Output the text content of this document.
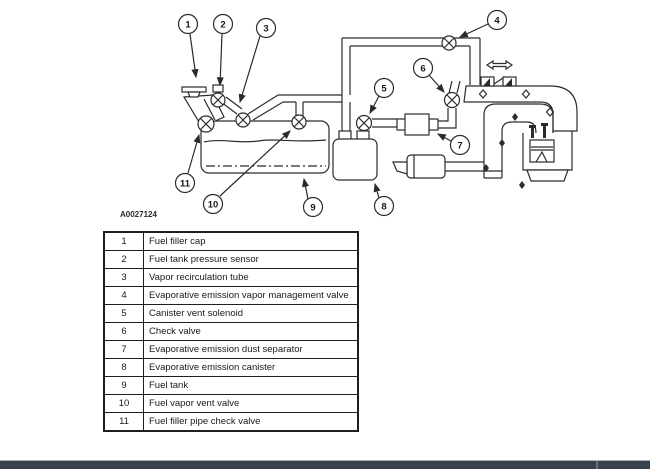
1	2	3
4
5
6
7
8
9
10
11
A0027124
1	Fuel filler cap
2	Fuel tank pressure sensor
3	Vapor recirculation tube
4	Evaporative emission vapor management valve
5	Canister vent solenoid
6	Check valve
7	Evaporative emission dust separator
8	Evaporative emission canister
9	Fuel tank
10	Fuel vapor vent valve
11	Fuel filler pipe check valve
